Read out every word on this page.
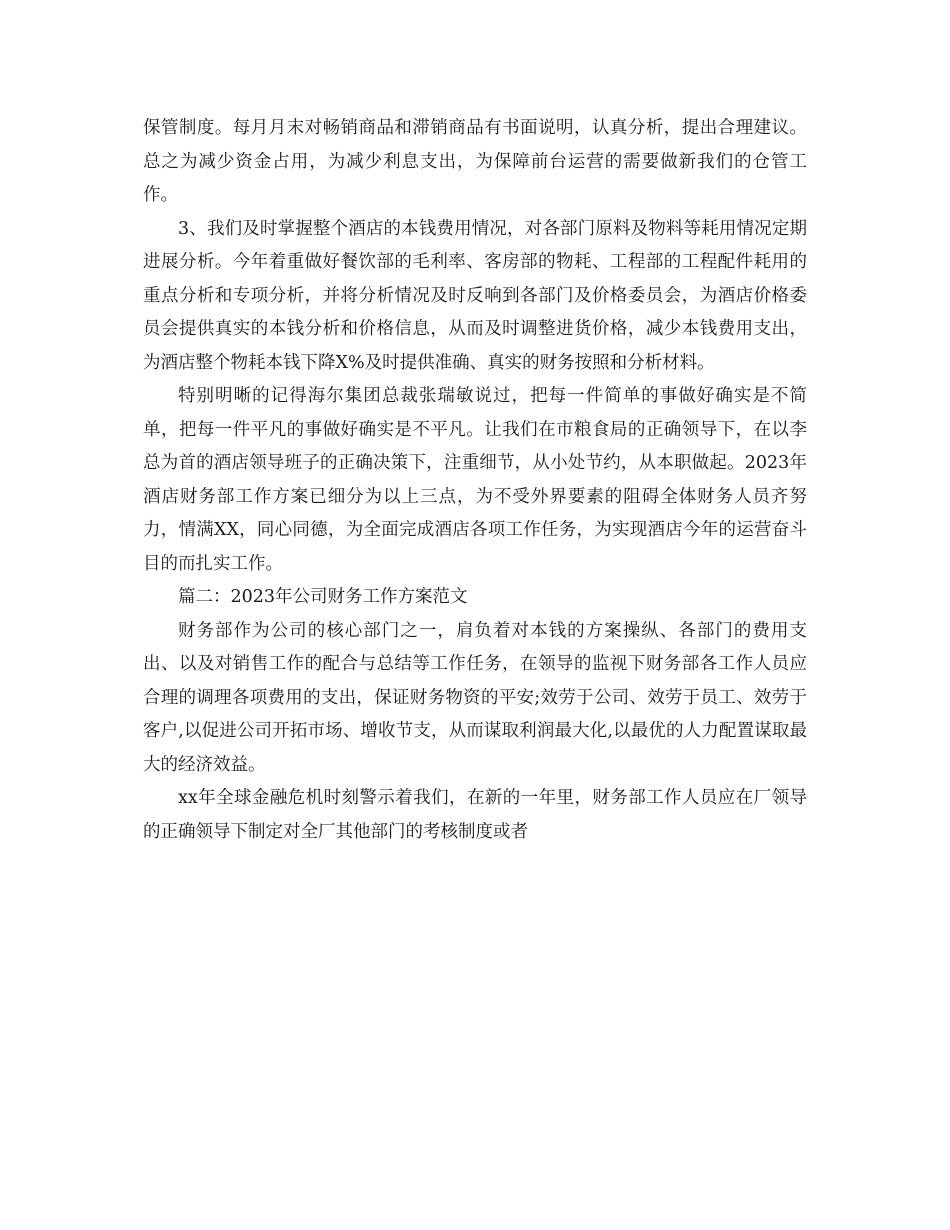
保管制度。每月月末对畅销商品和滞销商品有书面说明，认真分析，提出合理建议。总之为减少资金占用，为减少利息支出，为保障前台运营的需要做新我们的仓管工作。

3、我们及时掌握整个酒店的本钱费用情况，对各部门原料及物料等耗用情况定期进展分析。今年着重做好餐饮部的毛利率、客房部的物耗、工程部的工程配件耗用的重点分析和专项分析，并将分析情况及时反响到各部门及价格委员会，为酒店价格委员会提供真实的本钱分析和价格信息，从而及时调整进货价格，减少本钱费用支出，为酒店整个物耗本钱下降X%及时提供准确、真实的财务按照和分析材料。

特别明晰的记得海尔集团总裁张瑞敏说过，把每一件简单的事做好确实是不简单，把每一件平凡的事做好确实是不平凡。让我们在市粮食局的正确领导下，在以李总为首的酒店领导班子的正确决策下，注重细节，从小处节约，从本职做起。2023年酒店财务部工作方案已细分为以上三点，为不受外界要素的阻碍全体财务人员齐努力，情满XX，同心同德，为全面完成酒店各项工作任务，为实现酒店今年的运营奋斗目的而扎实工作。

篇二：2023年公司财务工作方案范文

财务部作为公司的核心部门之一，肩负着对本钱的方案操纵、各部门的费用支出、以及对销售工作的配合与总结等工作任务，在领导的监视下财务部各工作人员应合理的调理各项费用的支出，保证财务物资的平安;效劳于公司、效劳于员工、效劳于客户,以促进公司开拓市场、增收节支，从而谋取利润最大化,以最优的人力配置谋取最大的经济效益。

xx年全球金融危机时刻警示着我们，在新的一年里，财务部工作人员应在厂领导的正确领导下制定对全厂其他部门的考核制度或者
